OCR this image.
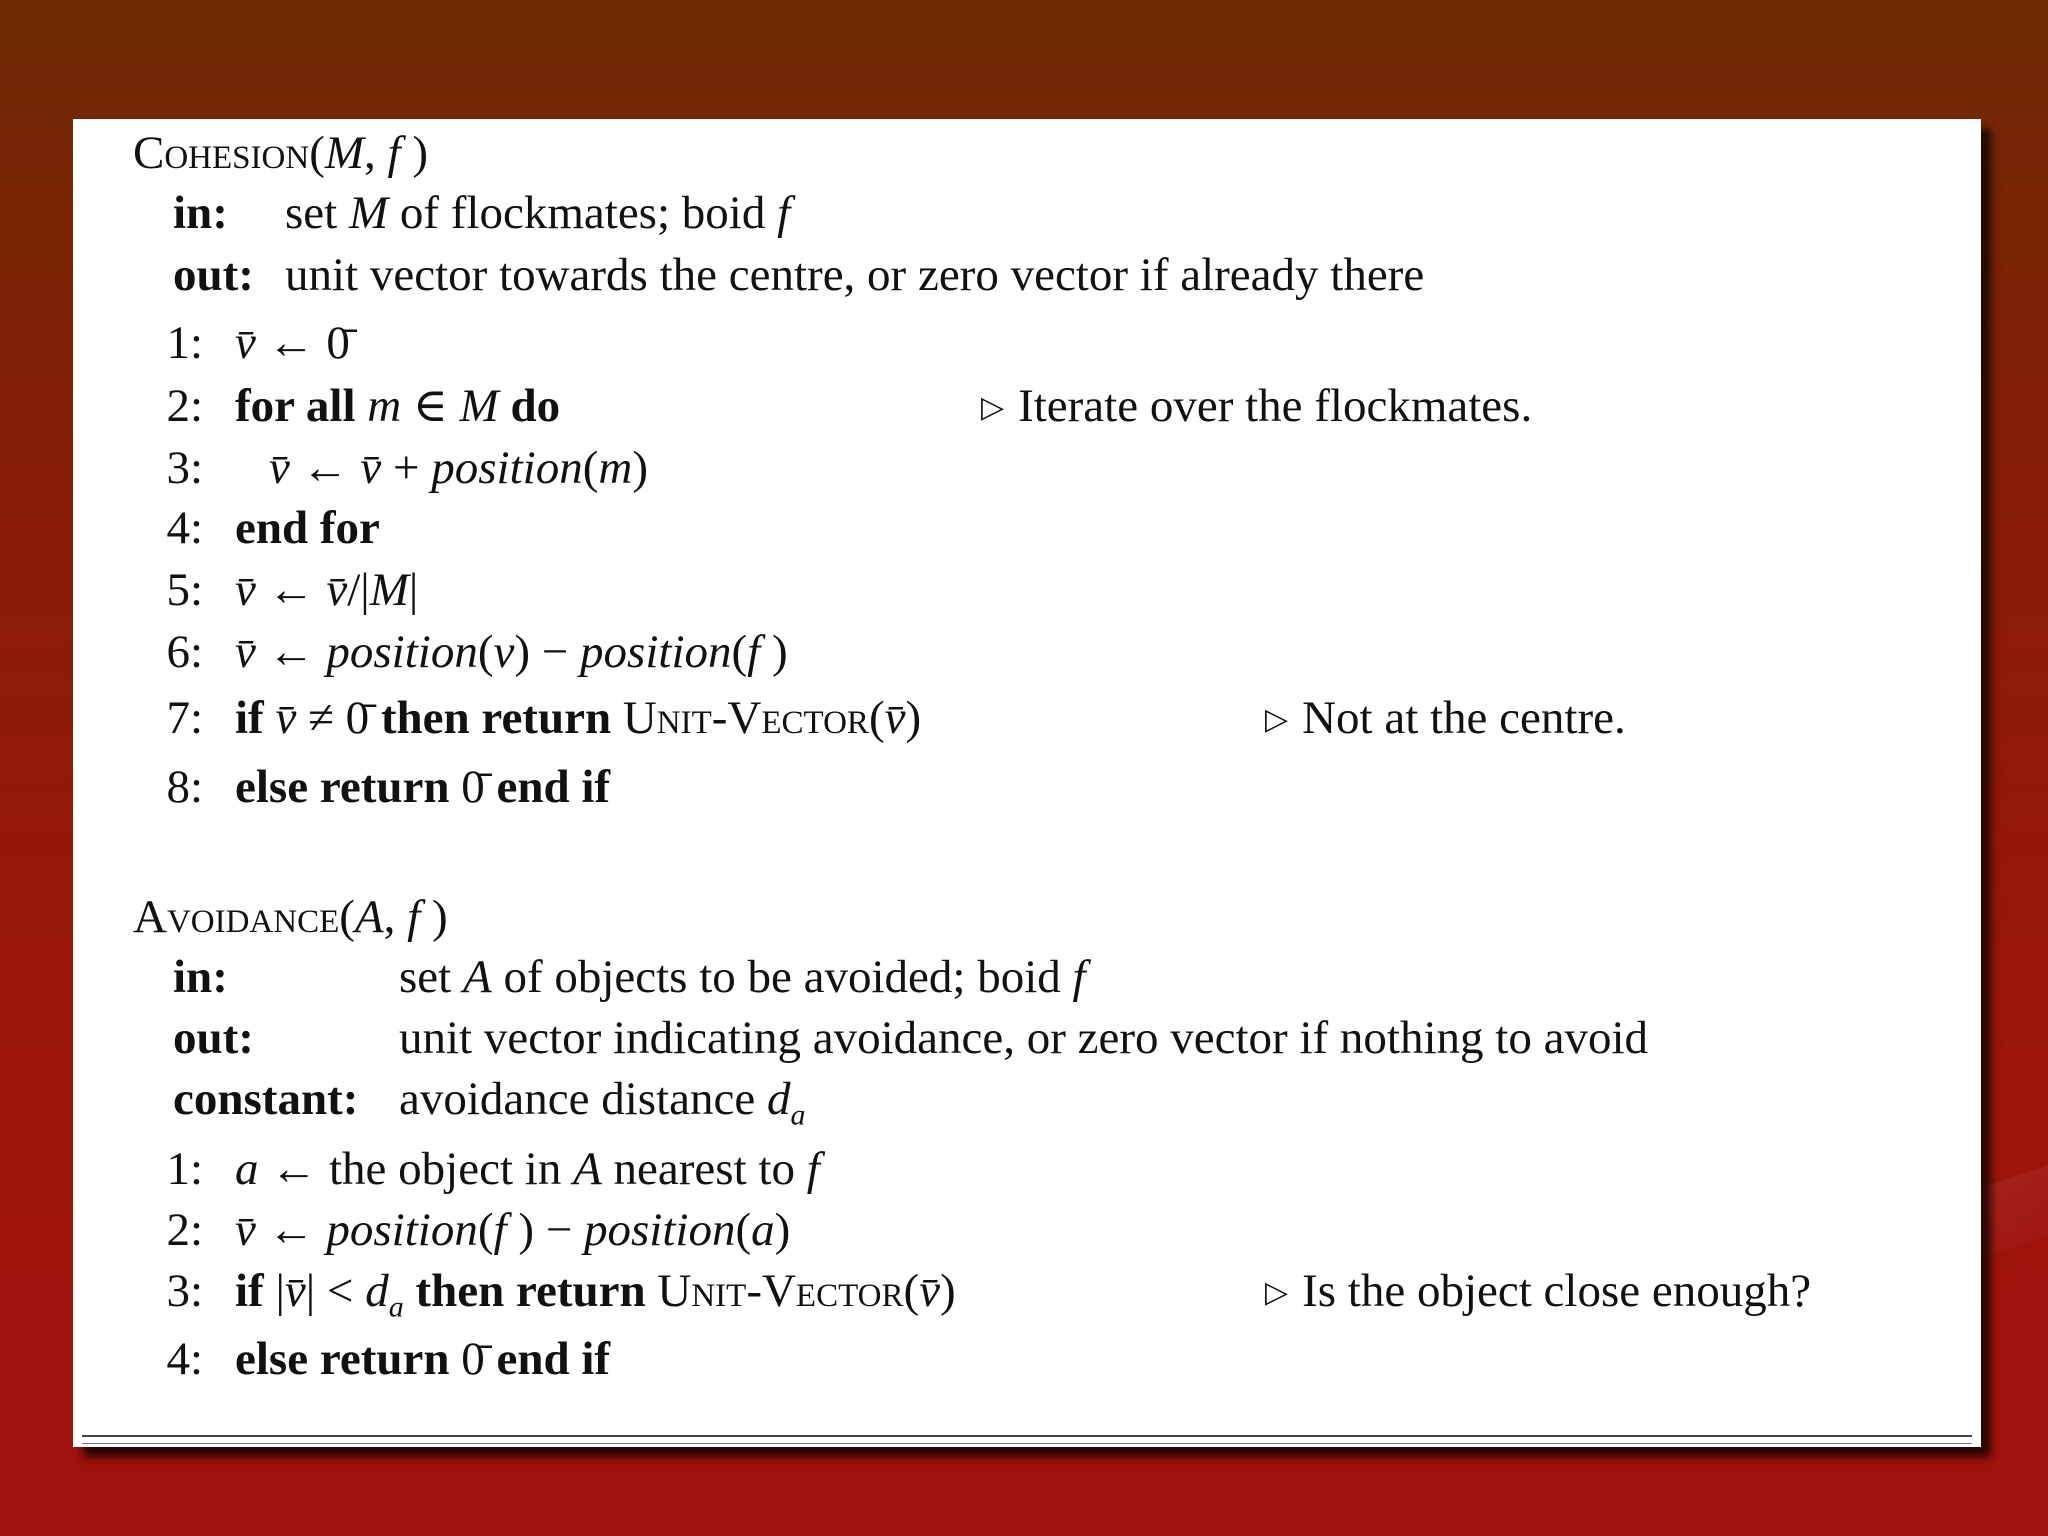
Cohesion(M, f )
in: set M of flockmates; boid f
out: unit vector towards the centre, or zero vector if already there
1: v̄ ← 0̄
2: for all m ∈ M do	▷ Iterate over the flockmates.
3: v̄ ← v̄ + position(m)
4: end for
5: v̄ ← v̄/|M|
6: v̄ ← position(v) − position(f )
7: if v̄ ≠ 0̄ then return Unit-Vector(v̄)	▷ Not at the centre.
8: else return 0̄ end if
Avoidance(A, f )
in:	set A of objects to be avoided; boid f
out:	unit vector indicating avoidance, or zero vector if nothing to avoid
constant: avoidance distance $d_a$
1: a ← the object in A nearest to f
2: v̄ ← position(f ) − position(a)
3: if |v̄| < $d_a$ then return Unit-Vector(v̄)	▷ Is the object close enough?
4: else return 0̄ end if
